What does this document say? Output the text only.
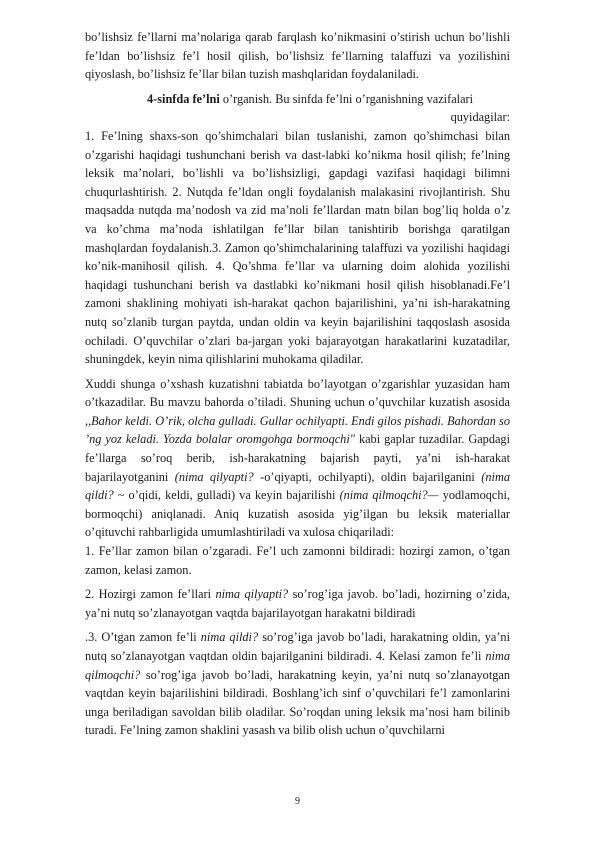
bo’lishsiz fe’llarni ma’nolariga qarab farqlash ko’nikmasini o’stirish uchun bo’lishli fe’ldan bo’lishsiz fe’l hosil qilish, bo’lishsiz fe’llarning talaffuzi va yozilishini qiyoslash, bo’lishsiz fe’llar bilan tuzish mashqlaridan foydalaniladi.

4-sinfda fe’lni o’rganish. Bu sinfda fe’lni o’rganishning vazifalari
quyidagilar:

1. Fe’lning shaxs-son qo’shimchalari bilan tuslanishi, zamon qo’shimchasi bilan o’zgarishi haqidagi tushunchani berish va dast-labki ko’nikma hosil qilish; fe’lning leksik ma’nolari, bo’lishli va bo’lishsizligi, gapdagi vazifasi haqidagi bilimni chuqurlashtirish. 2. Nutqda fe’ldan ongli foydalanish malakasini rivojlantirish. Shu maqsadda nutqda ma’nodosh va zid ma’noli fe’llardan matn bilan bog’liq holda o’z va ko’chma ma’noda ishlatilgan fe’llar bilan tanishtirib borishga qaratilgan mashqlardan foydalanish.3. Zamon qo’shimchalarining talaffuzi va yozilishi haqidagi ko’nik-manihosil qilish. 4. Qo’shma fe’llar va ularning doim alohida yozilishi haqidagi tushunchani berish va dastlabki ko’nikmani hosil qilish hisoblanadi.Fe’l zamoni shaklining mohiyati ish-harakat qachon bajarilishini, ya’ni ish-harakatning nutq so’zlanib turgan paytda, undan oldin va keyin bajarilishini taqqoslash asosida ochiladi. O’quvchilar o’zlari ba-jargan yoki bajarayotgan harakatlarini kuzatadilar, shuningdek, keyin nima qilishlarini muhokama qiladilar.

Xuddi shunga o’xshash kuzatishni tabiatda bo’layotgan o’zgarishlar yuzasidan ham o’tkazadilar. Bu mavzu bahorda o’tiladi. Shuning uchun o’quvchilar kuzatish asosida ,,Bahor keldi. O’rik, olcha gulladi. Gullar ochilyapti. Endi gilos pishadi. Bahordan so ’ng yoz keladi. Yozda bolalar oromgohga bormoqchi" kabi gaplar tuzadilar. Gapdagi fe’llarga so’roq berib, ish-harakatning bajarish payti, ya’ni ish-harakat bajarilayotganini (nima qilyapti? -o’qiyapti, ochilyapti), oldin bajarilganini (nima qildi? ~ o’qidi, keldi, gulladi) va keyin bajarilishi (nima qilmoqchi?— yodlamoqchi, bormoqchi) aniqlanadi. Aniq kuzatish asosida yig’ilgan bu leksik materiallar o’qituvchi rahbarligida umumlashtiriladi va xulosa chiqariladi:

1. Fe’llar zamon bilan o’zgaradi. Fe’l uch zamonni bildiradi: hozirgi zamon, o’tgan zamon, kelasi zamon.

2. Hozirgi zamon fe’llari nima qilyapti? so’rog’iga javob. bo’ladi, hozirning o’zida, ya’ni nutq so’zlanayotgan vaqtda bajarilayotgan harakatni bildiradi

.3. O’tgan zamon fe’li nima qildi? so’rog’iga javob bo’ladi, harakatning oldin, ya’ni nutq so’zlanayotgan vaqtdan oldin bajarilganini bildiradi. 4. Kelasi zamon fe’li nima qilmoqchi? so’rog’iga javob bo’ladi, harakatning keyin, ya’ni nutq so’zlanayotgan vaqtdan keyin bajarilishini bildiradi. Boshlang’ich sinf o’quvchilari fe’l zamonlarini unga beriladigan savoldan bilib oladilar. So’roqdan uning leksik ma’nosi ham bilinib turadi. Fe’lning zamon shaklini yasash va bilib olish uchun o’quvchilarni

9
